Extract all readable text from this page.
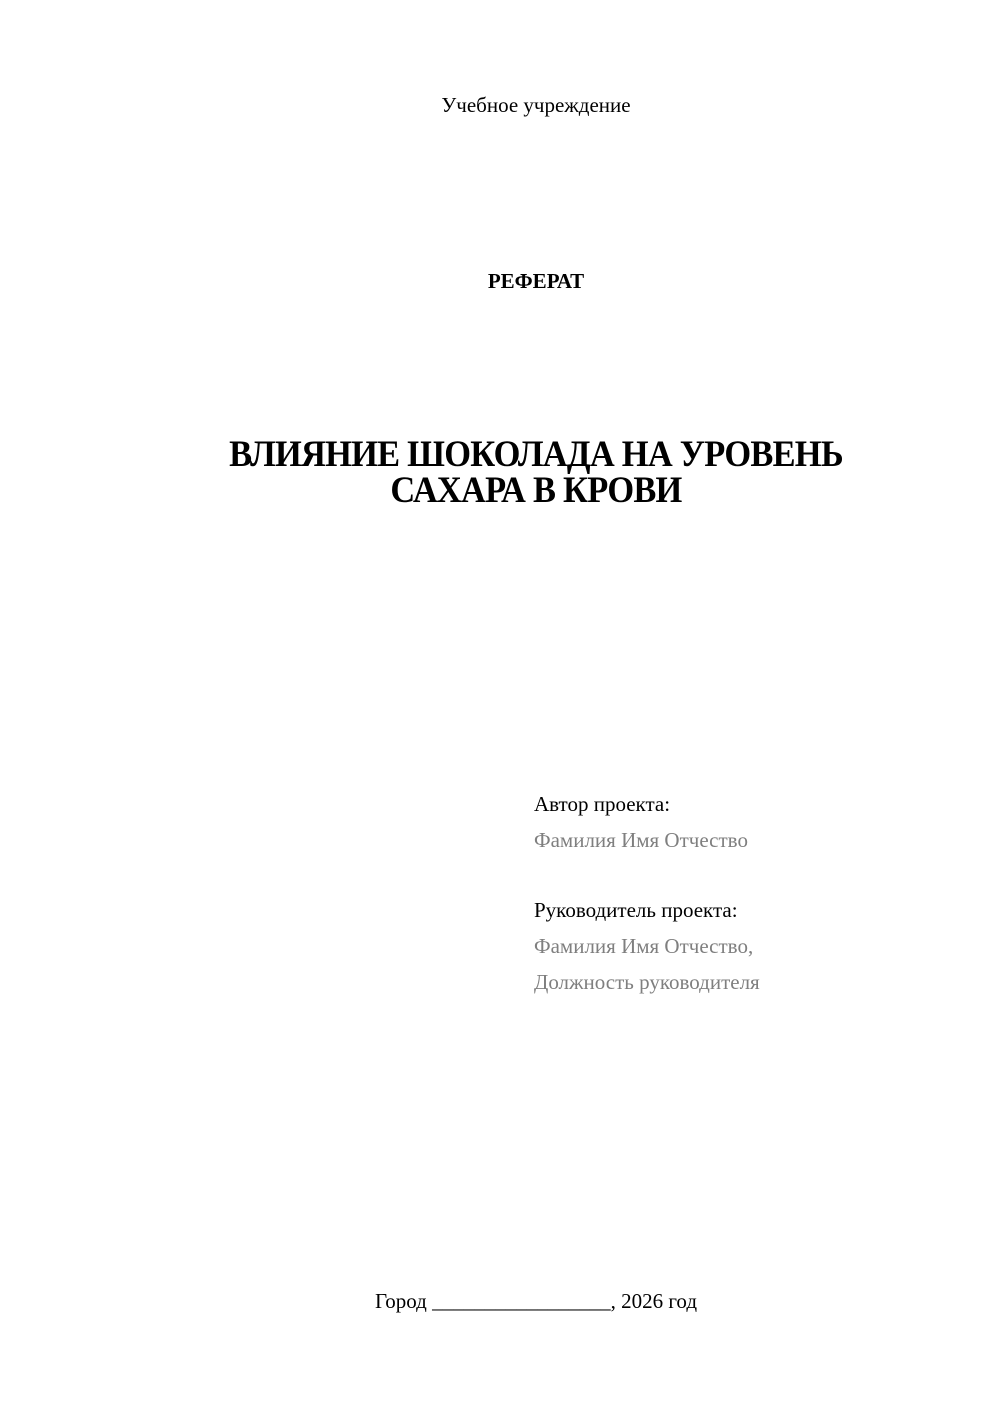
Учебное учреждение
РЕФЕРАТ
ВЛИЯНИЕ ШОКОЛАДА НА УРОВЕНЬ
САХАРА В КРОВИ
Автор проекта:
Фамилия Имя Отчество
Руководитель проекта:
Фамилия Имя Отчество,
Должность руководителя
Город _________________, 2026 год
